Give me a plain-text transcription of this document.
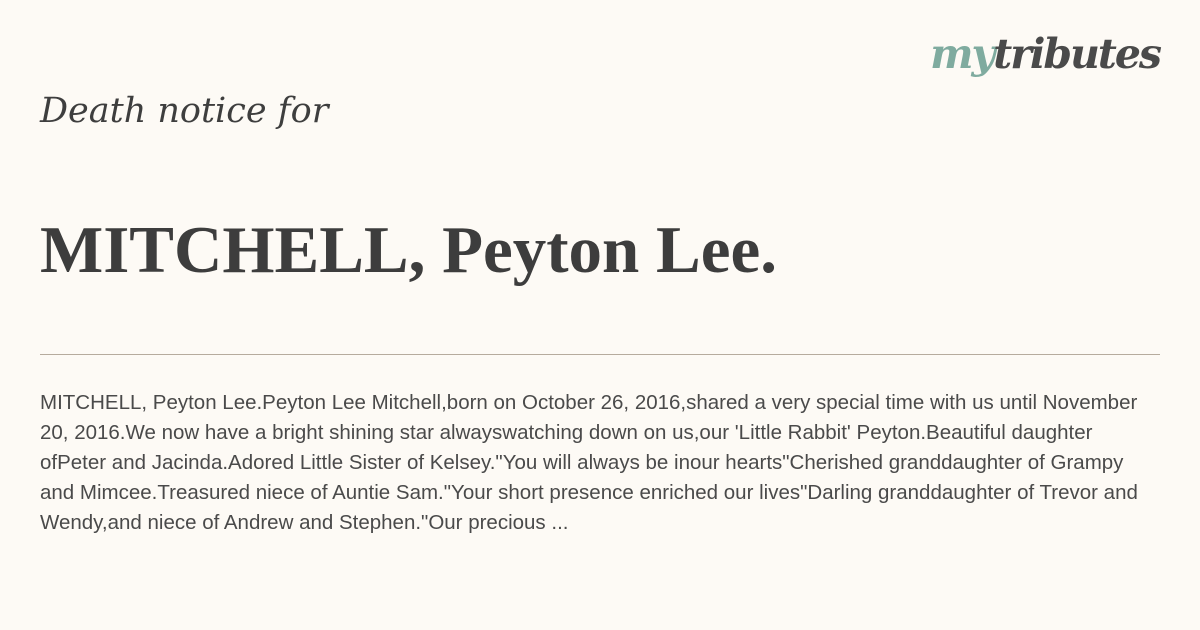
mytributes
Death notice for
MITCHELL, Peyton Lee.

MITCHELL, Peyton Lee.Peyton Lee Mitchell,born on October 26, 2016,shared a very special time with us until November 20, 2016.We now have a bright shining star alwayswatching down on us,our 'Little Rabbit' Peyton.Beautiful daughter ofPeter and Jacinda.Adored Little Sister of Kelsey."You will always be inour hearts"Cherished granddaughter of Grampy and Mimcee.Treasured niece of Auntie Sam."Your short presence enriched our lives"Darling granddaughter of Trevor and Wendy,and niece of Andrew and Stephen."Our precious ...
